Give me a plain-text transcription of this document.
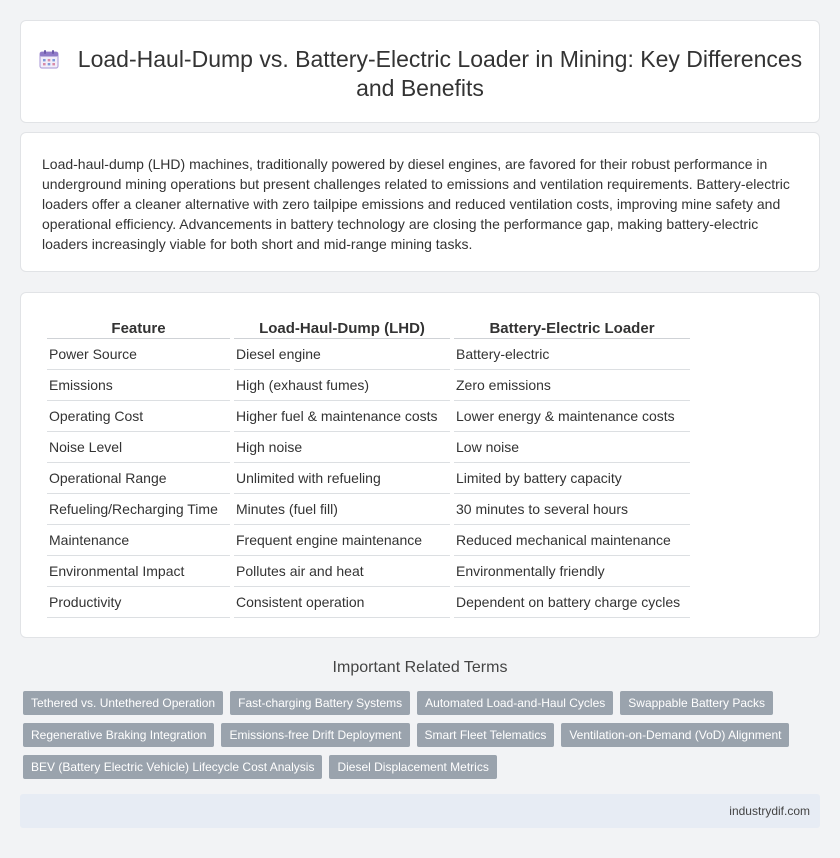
Load-Haul-Dump vs. Battery-Electric Loader in Mining: Key Differences and Benefits

Load-haul-dump (LHD) machines, traditionally powered by diesel engines, are favored for their robust performance in underground mining operations but present challenges related to emissions and ventilation requirements. Battery-electric loaders offer a cleaner alternative with zero tailpipe emissions and reduced ventilation costs, improving mine safety and operational efficiency. Advancements in battery technology are closing the performance gap, making battery-electric loaders increasingly viable for both short and mid-range mining tasks.

Feature	Load-Haul-Dump (LHD)	Battery-Electric Loader
Power Source	Diesel engine	Battery-electric
Emissions	High (exhaust fumes)	Zero emissions
Operating Cost	Higher fuel & maintenance costs	Lower energy & maintenance costs
Noise Level	High noise	Low noise
Operational Range	Unlimited with refueling	Limited by battery capacity
Refueling/Recharging Time	Minutes (fuel fill)	30 minutes to several hours
Maintenance	Frequent engine maintenance	Reduced mechanical maintenance
Environmental Impact	Pollutes air and heat	Environmentally friendly
Productivity	Consistent operation	Dependent on battery charge cycles
Important Related Terms
Tethered vs. Untethered Operation	Fast-charging Battery Systems	Automated Load-and-Haul Cycles	Swappable Battery Packs
Regenerative Braking Integration	Emissions-free Drift Deployment	Smart Fleet Telematics	Ventilation-on-Demand (VoD) Alignment
BEV (Battery Electric Vehicle) Lifecycle Cost Analysis	Diesel Displacement Metrics
industrydif.com
